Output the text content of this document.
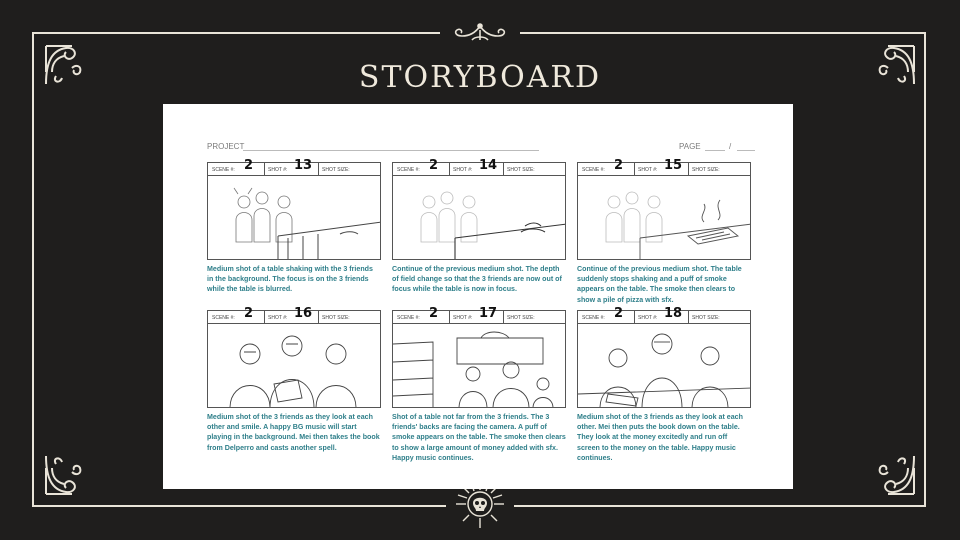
STORYBOARD
PROJECT	PAGE	/
SCENE #: 2	SHOT #: 13 SHOT SIZE:
Medium shot of a table shaking with the 3 friends in the background. The focus is on the 3 friends while the table is blurred.
SCENE #: 2	SHOT #: 14 SHOT SIZE:
Continue of the previous medium shot. The depth of field change so that the 3 friends are now out of focus while the table is now in focus.
SCENE #: 2	SHOT #: 15 SHOT SIZE:
Continue of the previous medium shot. The table suddenly stops shaking and a puff of smoke appears on the table. The smoke then clears to show a pile of pizza with sfx.
SCENE #: 2	SHOT #: 16 SHOT SIZE:
Medium shot of the 3 friends as they look at each other and smile. A happy BG music will start playing in the background. Mei then takes the book from Delperro and casts another spell.
SCENE #: 2	SHOT #: 17 SHOT SIZE:
Shot of a table not far from the 3 friends. The 3 friends' backs are facing the camera. A puff of smoke appears on the table. The smoke then clears to show a large amount of money added with sfx. Happy music continues.
SCENE #: 2	SHOT #: 18 SHOT SIZE:
Medium shot of the 3 friends as they look at each other. Mei then puts the book down on the table. They look at the money excitedly and run off screen to the money on the table. Happy music continues.
